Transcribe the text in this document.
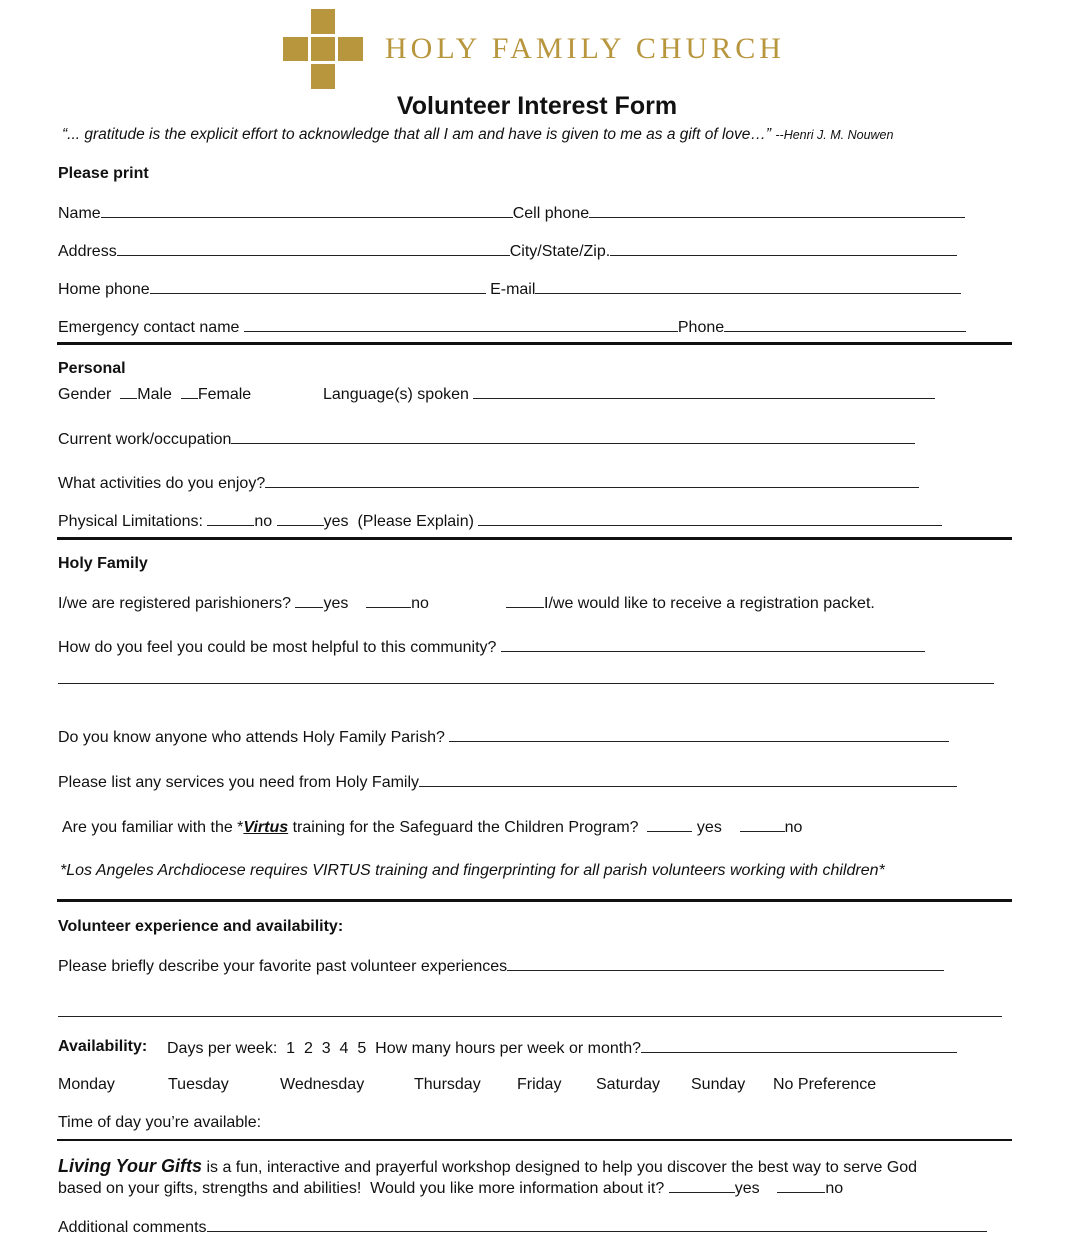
HOLY FAMILY CHURCH
Volunteer Interest Form
“... gratitude is the explicit effort to acknowledge that all I am and have is given to me as a gift of love…” --Henri J. M. Nouwen
Please print
Name	Cell phone
Address	City/State/Zip.
Home phone	E-mail
Emergency contact name	Phone
Personal
Gender Male Female	Language(s) spoken
Current work/occupation
What activities do you enjoy?
Physical Limitations:	no	yes  (Please Explain)
Holy Family
I/we are registered parishioners? yes	no	I/we would like to receive a registration packet.
How do you feel you could be most helpful to this community?
Do you know anyone who attends Holy Family Parish?
Please list any services you need from Holy Family
Are you familiar with the *Virtus training for the Safeguard the Children Program?	yes	no
*Los Angeles Archdiocese requires VIRTUS training and fingerprinting for all parish volunteers working with children*
Volunteer experience and availability:
Please briefly describe your favorite past volunteer experiences
Availability: Days per week: 1 2 3 4 5 How many hours per week or month?
Monday	Tuesday	Wednesday	Thursday Friday Saturday Sunday No Preference
Time of day you’re available:
Living Your Gifts is a fun, interactive and prayerful workshop designed to help you discover the best way to serve God
based on your gifts, strengths and abilities!  Would you like more information about it?	yes	no
Additional comments
